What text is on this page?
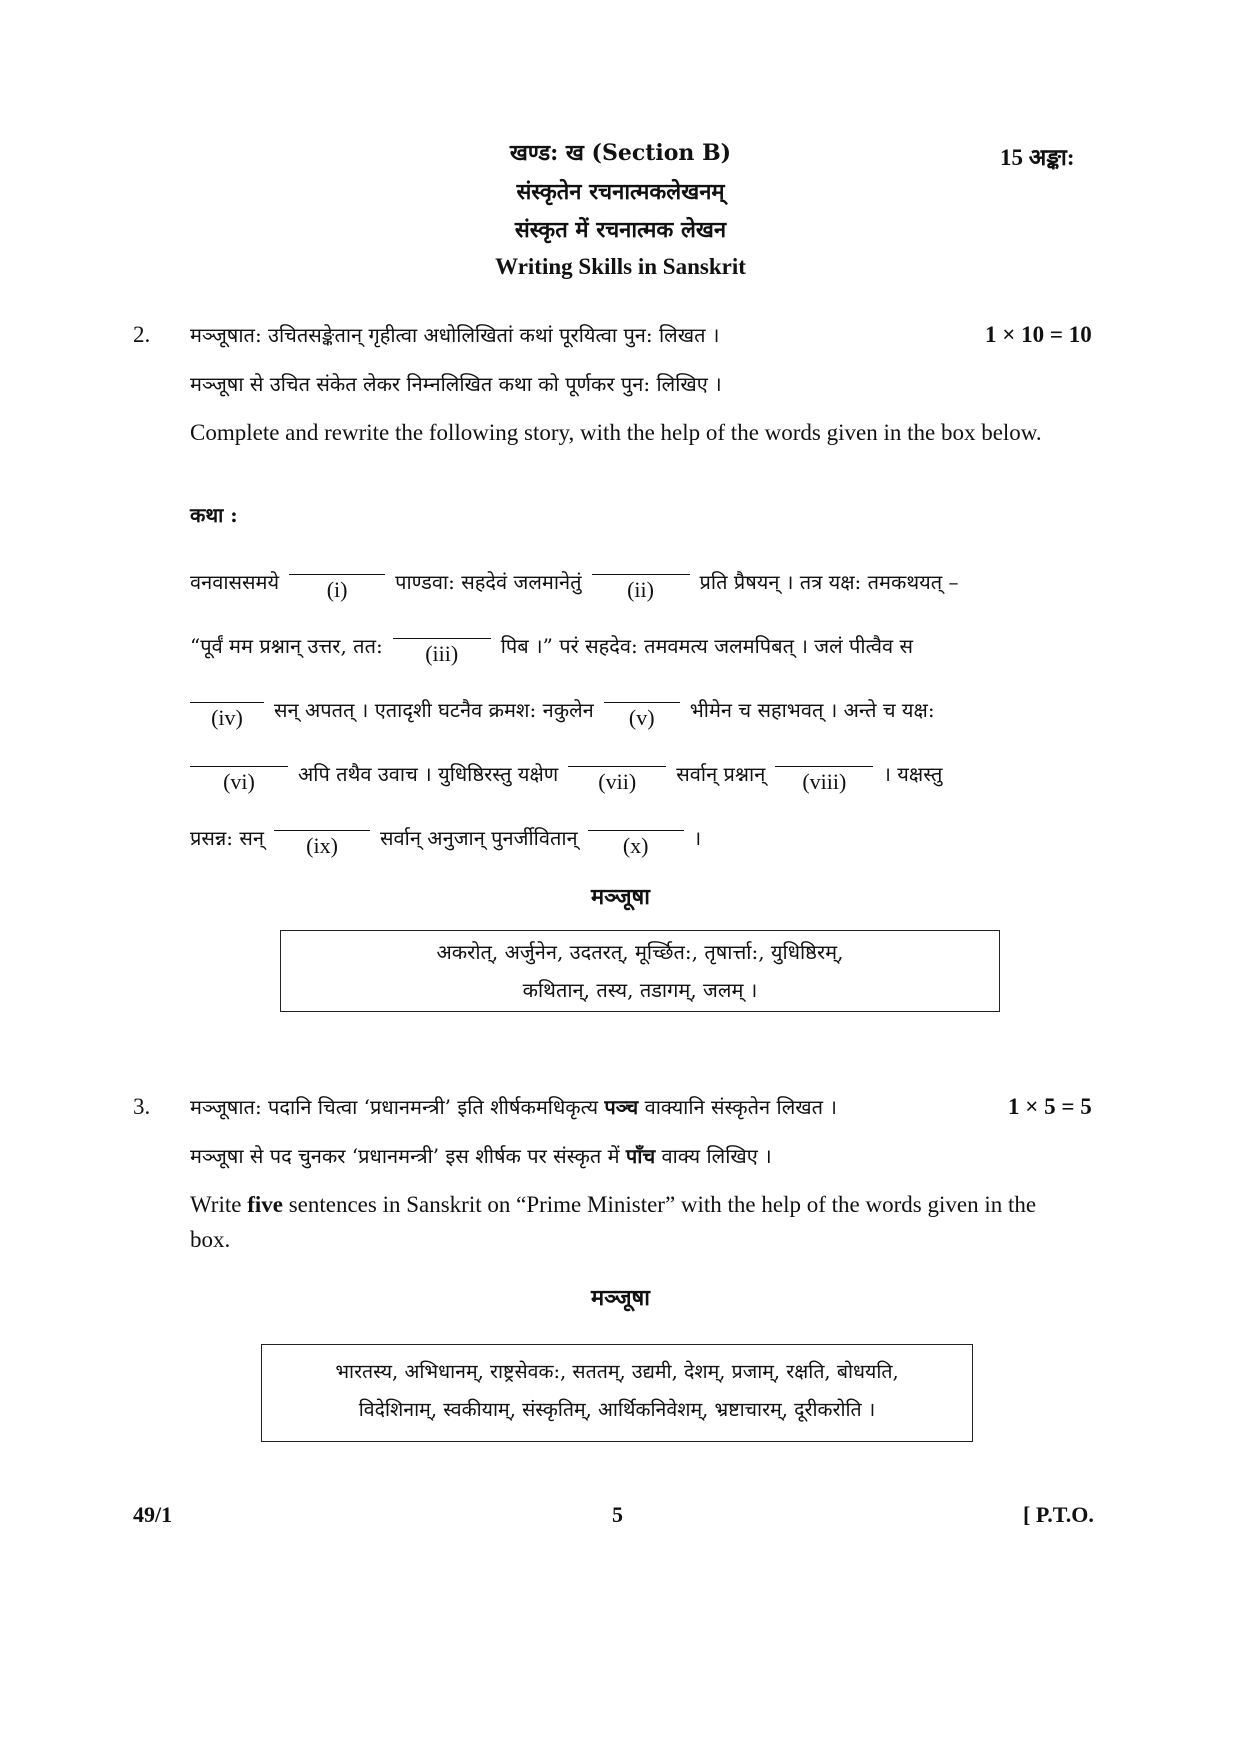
खण्ड: ख (Section B)	15 अङ्का:
संस्कृतेन रचनात्मकलेखनम्
संस्कृत में रचनात्मक लेखन
Writing Skills in Sanskrit
2. मञ्जूषात: उचितसङ्केतान् गृहीत्वा अधोलिखितां कथां पूरयित्वा पुन: लिखत ।	1 × 10 = 10
मञ्जूषा से उचित संकेत लेकर निम्नलिखित कथा को पूर्णकर पुन: लिखिए ।
Complete and rewrite the following story, with the help of the words given in the box below.
कथा :
वनवाससमये	(i)	पाण्डवा: सहदेवं जलमानेतुं	(ii)	प्रति प्रैषयन् । तत्र यक्ष: तमकथयत् –
“पूर्वं मम प्रश्नान् उत्तर, तत:	(iii)	पिब ।” परं सहदेव: तमवमत्य जलमपिबत् । जलं पीत्वैव स
(iv)	सन् अपतत् । एतादृशी घटनैव क्रमश: नकुलेन	(v)	भीमेन च सहाभवत् । अन्ते च यक्ष:
(vi)	अपि तथैव उवाच । युधिष्ठिरस्तु यक्षेण	(vii)	सर्वान् प्रश्नान्	(viii)	। यक्षस्तु
प्रसन्न: सन्	(ix)	सर्वान् अनुजान् पुनर्जीवितान्	(x)	।
मञ्जूषा
अकरोत्, अर्जुनेन, उदतरत्, मूर्च्छित:, तृषार्त्ता:, युधिष्ठिरम्,
कथितान्, तस्य, तडागम्, जलम् ।
3. मञ्जूषात: पदानि चित्वा ‘प्रधानमन्त्री’ इति शीर्षकमधिकृत्य पञ्च वाक्यानि संस्कृतेन लिखत ।	1 × 5 = 5
मञ्जूषा से पद चुनकर ‘प्रधानमन्त्री’ इस शीर्षक पर संस्कृत में पाँच वाक्य लिखिए ।
Write five sentences in Sanskrit on “Prime Minister” with the help of the words given in the box.
मञ्जूषा
भारतस्य, अभिधानम्, राष्ट्रसेवक:, सततम्, उद्यमी, देशम्, प्रजाम्, रक्षति, बोधयति,
विदेशिनाम्, स्वकीयाम्, संस्कृतिम्, आर्थिकनिवेशम्, भ्रष्टाचारम्, दूरीकरोति ।
49/1	5	[ P.T.O.
